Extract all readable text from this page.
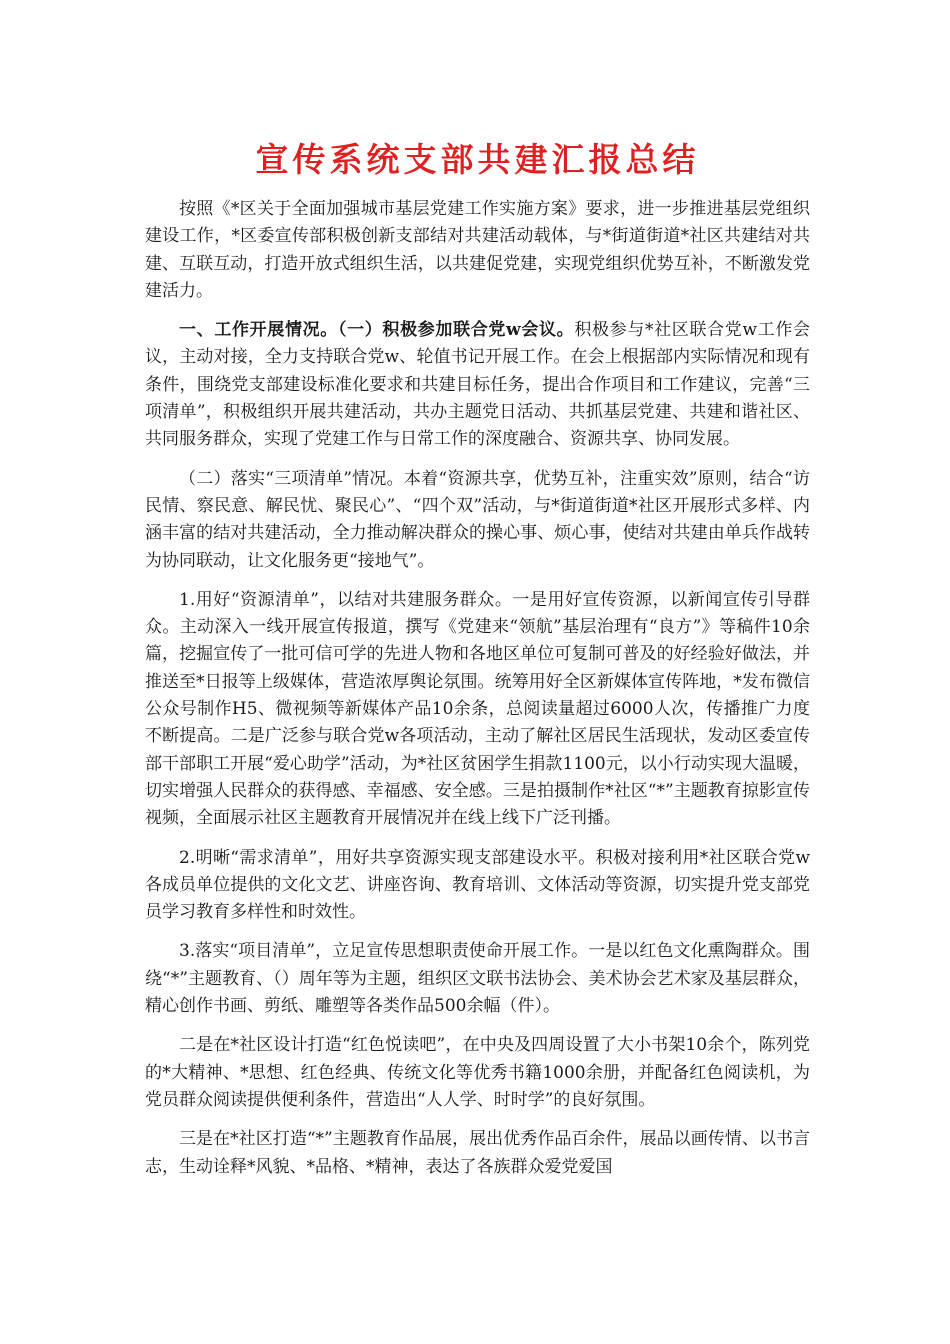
宣传系统支部共建汇报总结

按照《*区关于全面加强城市基层党建工作实施方案》要求，进一步推进基层党组织建设工作，*区委宣传部积极创新支部结对共建活动载体，与*街道街道*社区共建结对共建、互联互动，打造开放式组织生活，以共建促党建，实现党组织优势互补，不断激发党建活力。

一、工作开展情况。（一）积极参加联合党w会议。积极参与*社区联合党w工作会议，主动对接，全力支持联合党w、轮值书记开展工作。在会上根据部内实际情况和现有条件，围绕党支部建设标准化要求和共建目标任务，提出合作项目和工作建议，完善“三项清单”，积极组织开展共建活动，共办主题党日活动、共抓基层党建、共建和谐社区、共同服务群众，实现了党建工作与日常工作的深度融合、资源共享、协同发展。

（二）落实“三项清单”情况。本着“资源共享，优势互补，注重实效”原则，结合“访民情、察民意、解民忧、聚民心”、“四个双”活动，与*街道街道*社区开展形式多样、内涵丰富的结对共建活动，全力推动解决群众的操心事、烦心事，使结对共建由单兵作战转为协同联动，让文化服务更“接地气”。

1.用好“资源清单”，以结对共建服务群众。一是用好宣传资源，以新闻宣传引导群众。主动深入一线开展宣传报道，撰写《党建来“领航”基层治理有“良方”》等稿件10余篇，挖掘宣传了一批可信可学的先进人物和各地区单位可复制可普及的好经验好做法，并推送至*日报等上级媒体，营造浓厚舆论氛围。统筹用好全区新媒体宣传阵地，*发布微信公众号制作H5、微视频等新媒体产品10余条，总阅读量超过6000人次，传播推广力度不断提高。二是广泛参与联合党w各项活动，主动了解社区居民生活现状，发动区委宣传部干部职工开展“爱心助学”活动，为*社区贫困学生捐款1100元，以小行动实现大温暖，切实增强人民群众的获得感、幸福感、安全感。三是拍摄制作*社区“*”主题教育掠影宣传视频，全面展示社区主题教育开展情况并在线上线下广泛刊播。

2.明晰“需求清单”，用好共享资源实现支部建设水平。积极对接利用*社区联合党w各成员单位提供的文化文艺、讲座咨询、教育培训、文体活动等资源，切实提升党支部党员学习教育多样性和时效性。

3.落实“项目清单”，立足宣传思想职责使命开展工作。一是以红色文化熏陶群众。围绕“*”主题教育、（）周年等为主题，组织区文联书法协会、美术协会艺术家及基层群众，精心创作书画、剪纸、雕塑等各类作品500余幅（件）。

二是在*社区设计打造“红色悦读吧”，在中央及四周设置了大小书架10余个，陈列党的*大精神、*思想、红色经典、传统文化等优秀书籍1000余册，并配备红色阅读机，为党员群众阅读提供便利条件，营造出“人人学、时时学”的良好氛围。

三是在*社区打造“*”主题教育作品展，展出优秀作品百余件，展品以画传情、以书言志，生动诠释*风貌、*品格、*精神，表达了各族群众爱党爱国
